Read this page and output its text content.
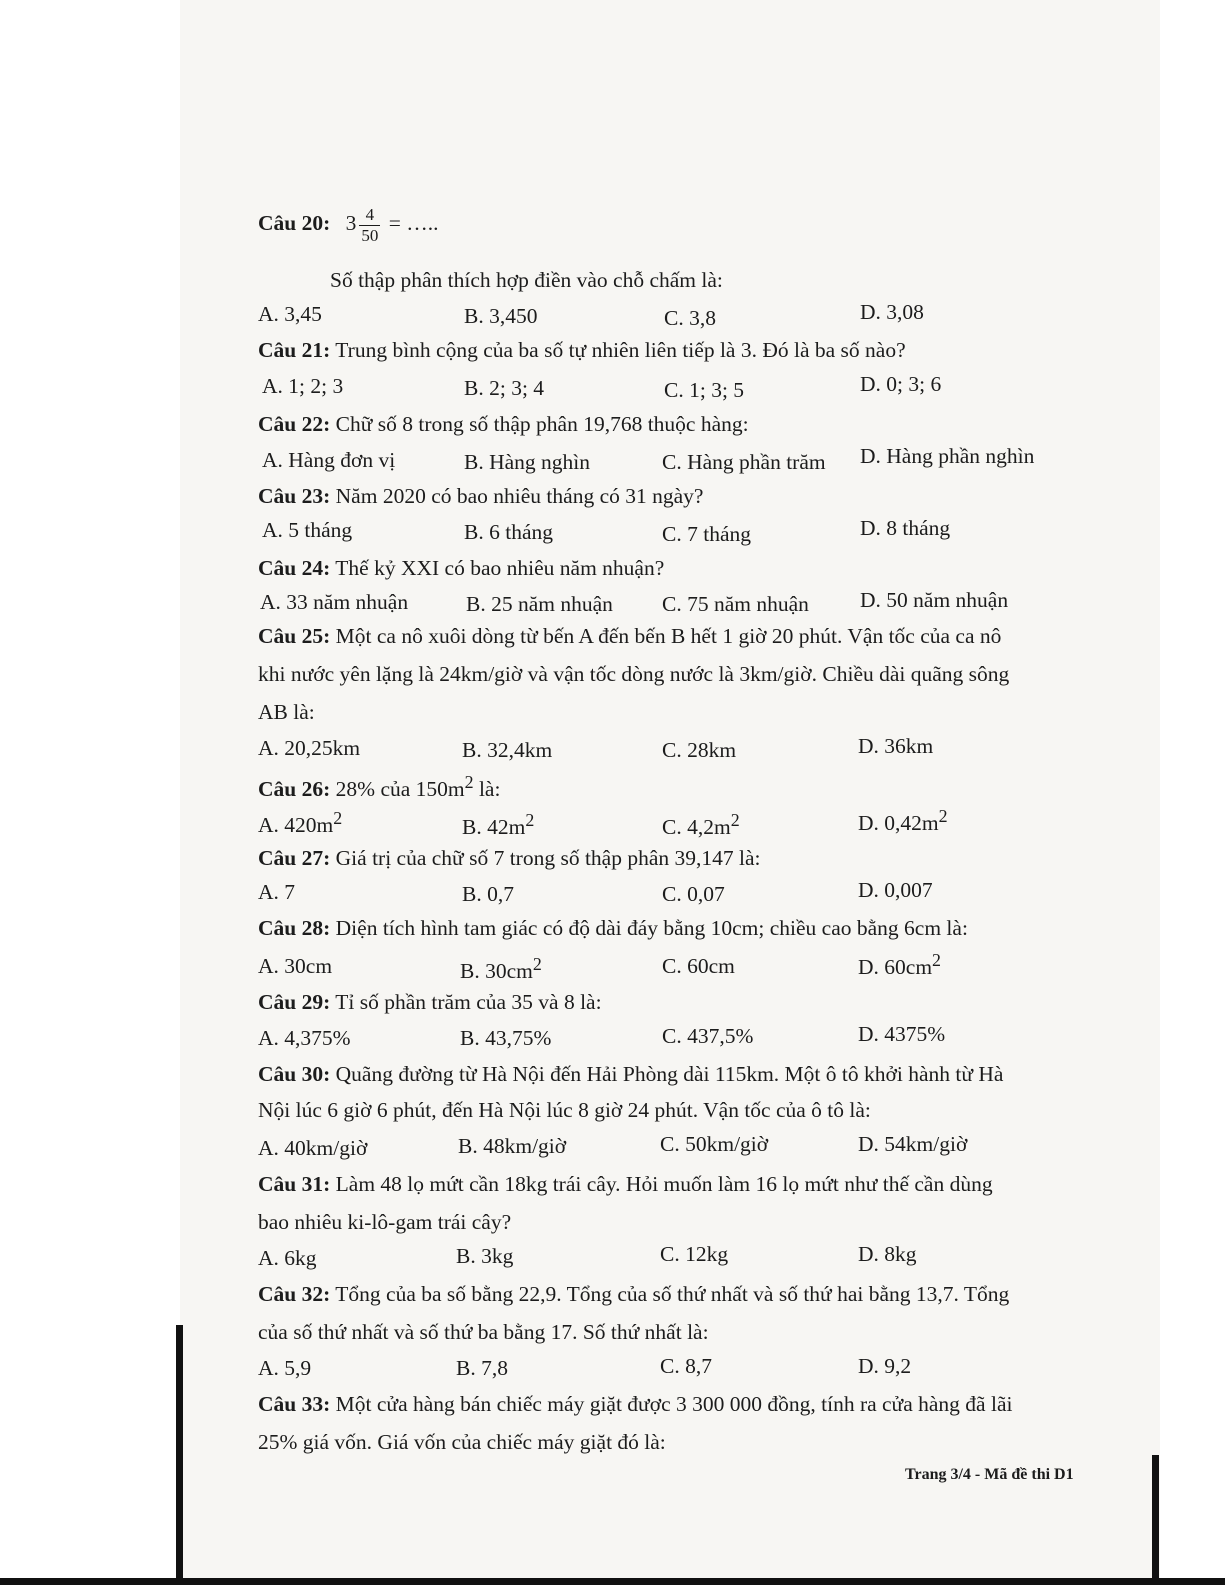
Câu 20: $3 \frac{4}{50}$ = …..
Số thập phân thích hợp điền vào chỗ chấm là:
A. 3,45	B. 3,450	C. 3,8	D. 3,08
Câu 21: Trung bình cộng của ba số tự nhiên liên tiếp là 3. Đó là ba số nào?
A. 1; 2; 3	B. 2; 3; 4	C. 1; 3; 5	D. 0; 3; 6
Câu 22: Chữ số 8 trong số thập phân 19,768 thuộc hàng:
A. Hàng đơn vị	B. Hàng nghìn	C. Hàng phần trăm D. Hàng phần nghìn
Câu 23: Năm 2020 có bao nhiêu tháng có 31 ngày?
A. 5 tháng	B. 6 tháng	C. 7 tháng	D. 8 tháng
Câu 24: Thế kỷ XXI có bao nhiêu năm nhuận?
A. 33 năm nhuận	B. 25 năm nhuận C. 75 năm nhuận D. 50 năm nhuận
Câu 25: Một ca nô xuôi dòng từ bến A đến bến B hết 1 giờ 20 phút. Vận tốc của ca nô
khi nước yên lặng là 24km/giờ và vận tốc dòng nước là 3km/giờ. Chiều dài quãng sông
AB là:
A. 20,25km	B. 32,4km	C. 28km	D. 36km
Câu 26: 28% của $150m^2$ là:
A. $420m^2$	B. $42m^2$	C. $4,2m^2$	D. $0,42m^2$
Câu 27: Giá trị của chữ số 7 trong số thập phân 39,147 là:
A. 7	B. 0,7	C. 0,07	D. 0,007
Câu 28: Diện tích hình tam giác có độ dài đáy bằng 10cm; chiều cao bằng 6cm là:
A. 30cm	B. $30cm^2$	C. 60cm	D. $60cm^2$
Câu 29: Tỉ số phần trăm của 35 và 8 là:
A. 4,375%	B. 43,75%	C. 437,5%	D. 4375%
Câu 30: Quãng đường từ Hà Nội đến Hải Phòng dài 115km. Một ô tô khởi hành từ Hà
Nội lúc 6 giờ 6 phút, đến Hà Nội lúc 8 giờ 24 phút. Vận tốc của ô tô là:
A. 40km/giờ	B. 48km/giờ	C. 50km/giờ	D. 54km/giờ
Câu 31: Làm 48 lọ mứt cần 18kg trái cây. Hỏi muốn làm 16 lọ mứt như thế cần dùng
bao nhiêu ki-lô-gam trái cây?
A. 6kg	B. 3kg	C. 12kg	D. 8kg
Câu 32: Tổng của ba số bằng 22,9. Tổng của số thứ nhất và số thứ hai bằng 13,7. Tổng
của số thứ nhất và số thứ ba bằng 17. Số thứ nhất là:
A. 5,9	B. 7,8	C. 8,7	D. 9,2
Câu 33: Một cửa hàng bán chiếc máy giặt được 3 300 000 đồng, tính ra cửa hàng đã lãi
25% giá vốn. Giá vốn của chiếc máy giặt đó là:
Trang 3/4 - Mã đề thi D1
